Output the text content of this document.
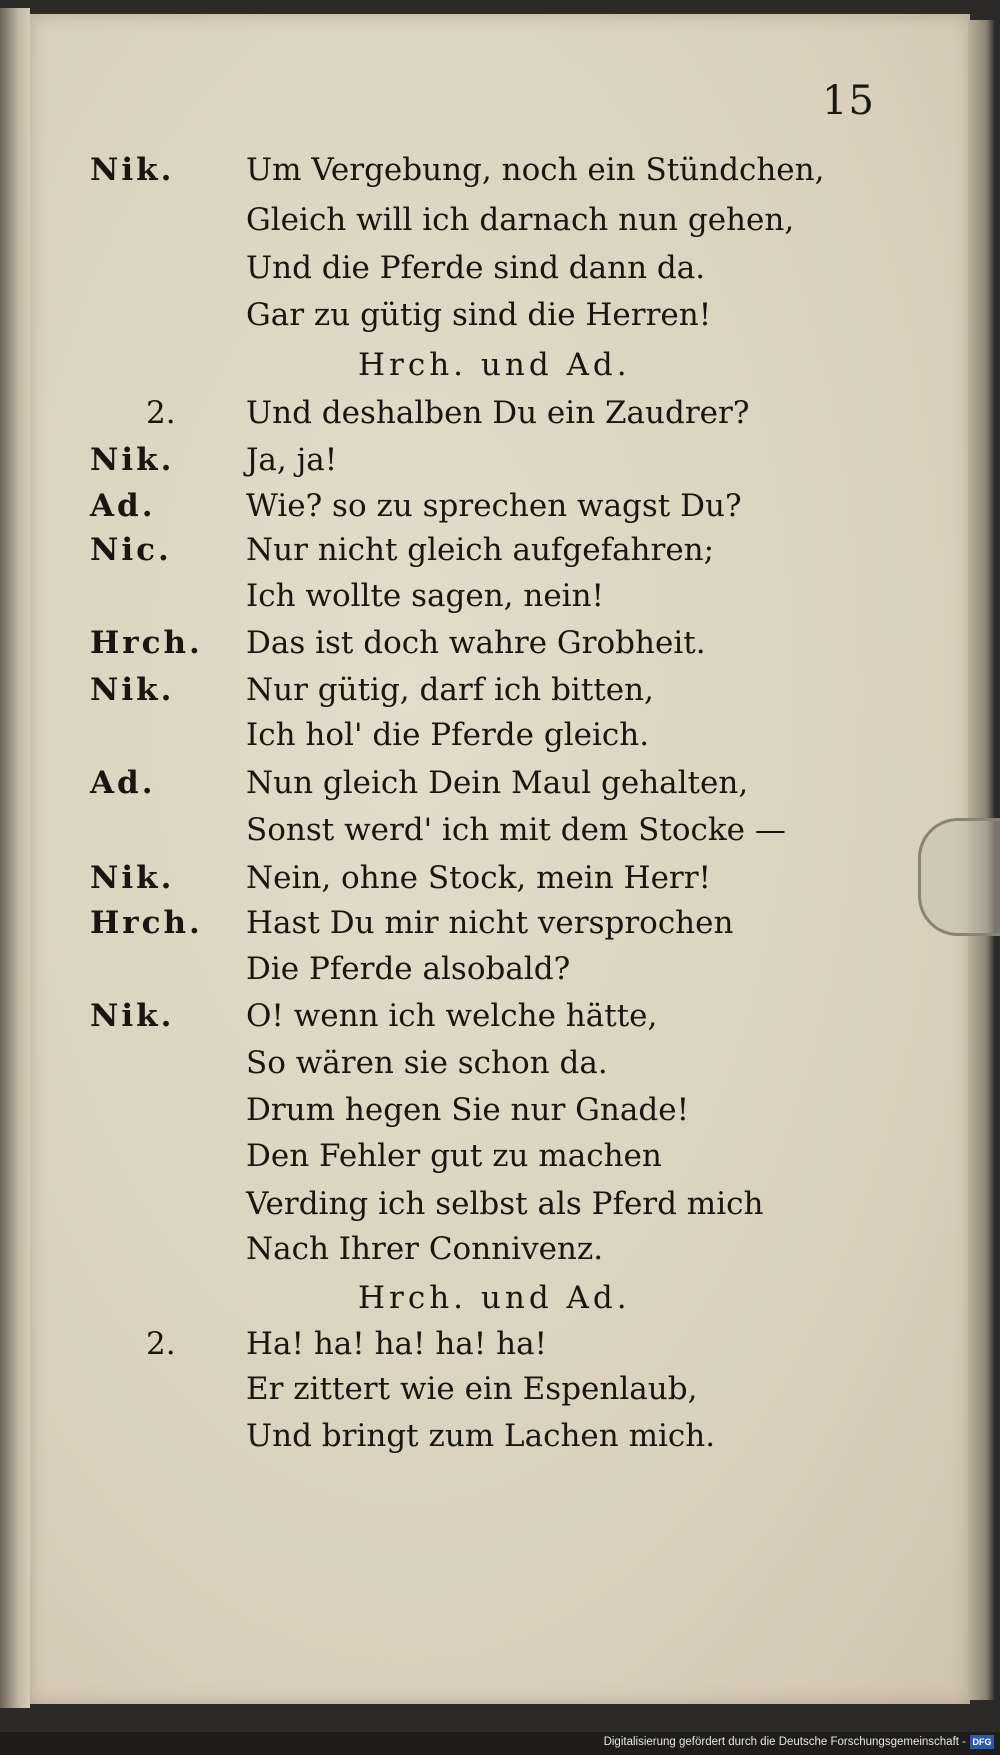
15
Nik. Um Vergebung, noch ein Stündchen,
Gleich will ich darnach nun gehen,
Und die Pferde sind dann da.
Gar zu gütig sind die Herren!
Hrch. und Ad.
2. Und deshalben Du ein Zaudrer?
Nik. Ja, ja!
Ad.	Wie? so zu sprechen wagst Du?
Nic. Nur nicht gleich aufgefahren;
Ich wollte sagen, nein!
Hrch. Das ist doch wahre Grobheit.
Nik. Nur gütig, darf ich bitten,
Ich hol' die Pferde gleich.
Ad.	Nun gleich Dein Maul gehalten,
Sonst werd' ich mit dem Stocke —
Nik. Nein, ohne Stock, mein Herr!
Hrch. Hast Du mir nicht versprochen
Die Pferde alsobald?
Nik. O! wenn ich welche hätte,
So wären sie schon da.
Drum hegen Sie nur Gnade!
Den Fehler gut zu machen
Verding ich selbst als Pferd mich
Nach Ihrer Connivenz.
Hrch. und Ad.
2. Ha! ha! ha! ha! ha!
Er zittert wie ein Espenlaub,
Und bringt zum Lachen mich.
Digitalisierung gefördert durch die Deutsche Forschungsgemeinschaft - DFG
